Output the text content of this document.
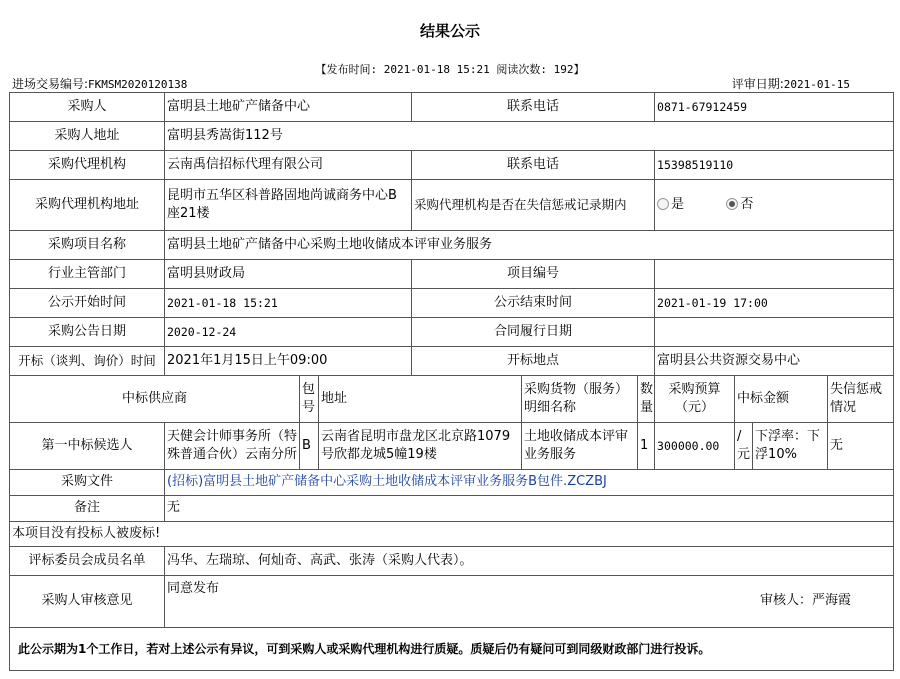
结果公示
【发布时间: 2021-01-18 15:21 阅读次数: 192】
进场交易编号:FKMSM2020120138	评审日期:2021-01-15
采购人	富明县土地矿产储备中心			联系电话			0871-67912459			
采购人地址	富明县秀嵩街112号									
采购代理机构	云南禹信招标代理有限公司			联系电话			15398519110			
采购代理机构地址	昆明市五华区科普路固地尚诚商务中心B座21楼			采购代理机构是否在失信惩戒记录期内			是 否			
采购项目名称	富明县土地矿产储备中心采购土地收储成本评审业务服务									
行业主管部门	富明县财政局			项目编号						
公示开始时间	2021-01-18 15:21			公示结束时间			2021-01-19 17:00			
采购公告日期	2020-12-24			合同履行日期						
开标（谈判、询价）时间	2021年1月15日上午09:00			开标地点			富明县公共资源交易中心			
中标供应商		包号	地址		采购货物（服务）明细名称	数量	采购预算（元）	中标金额		失信惩戒情况
第一中标候选人	天健会计师事务所（特殊普通合伙）云南分所	B	云南省昆明市盘龙区北京路1079号欣都龙城5幢19楼		土地收储成本评审业务服务	1	300000.00	/元	下浮率：下浮10%	无
采购文件	(招标)富明县土地矿产储备中心采购土地收储成本评审业务服务B包件.ZCZBJ									
备注	无									
本项目没有投标人被废标!										
评标委员会成员名单	冯华、左瑞琼、何灿奇、高武、张涛（采购人代表）。									
采购人审核意见	同意发布
审核人：严海霞									

此公示期为1个工作日，若对上述公示有异议，可到采购人或采购代理机构进行质疑。质疑后仍有疑问可到同级财政部门进行投诉。										
